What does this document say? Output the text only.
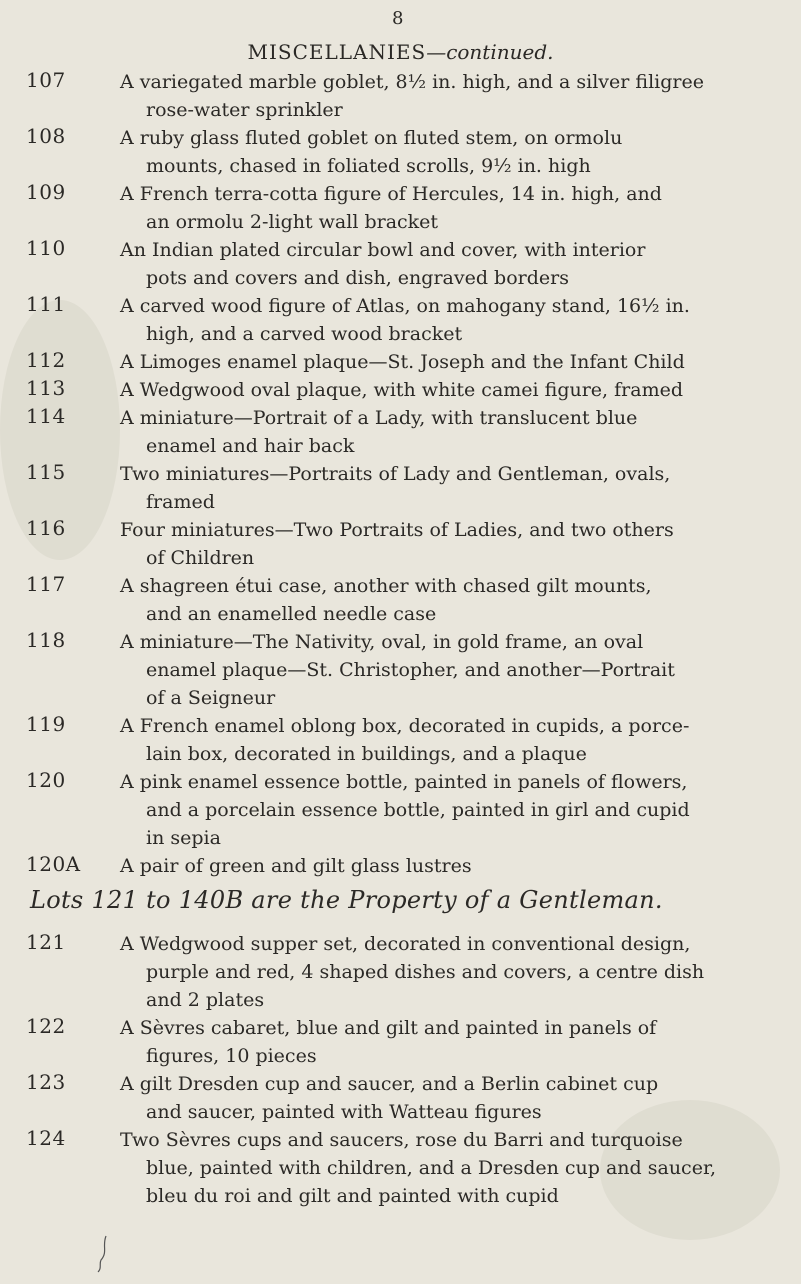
8
MISCELLANIES—continued.
107	A variegated marble goblet, 8½ in. high, and a silver filigree
rose-water sprinkler
108	A ruby glass fluted goblet on fluted stem, on ormolu
mounts, chased in foliated scrolls, 9½ in. high
109	A French terra-cotta figure of Hercules, 14 in. high, and
an ormolu 2-light wall bracket
110	An Indian plated circular bowl and cover, with interior
pots and covers and dish, engraved borders
111	A carved wood figure of Atlas, on mahogany stand, 16½ in.
high, and a carved wood bracket
112	A Limoges enamel plaque—St. Joseph and the Infant Child
113	A Wedgwood oval plaque, with white camei figure, framed
114	A miniature—Portrait of a Lady, with translucent blue
enamel and hair back
115	Two miniatures—Portraits of Lady and Gentleman, ovals,
framed
116	Four miniatures—Two Portraits of Ladies, and two others
of Children
117	A shagreen étui case, another with chased gilt mounts,
and an enamelled needle case
118	A miniature—The Nativity, oval, in gold frame, an oval
enamel plaque—St. Christopher, and another—Portrait
of a Seigneur
119	A French enamel oblong box, decorated in cupids, a porce-
lain box, decorated in buildings, and a plaque
120	A pink enamel essence bottle, painted in panels of flowers,
and a porcelain essence bottle, painted in girl and cupid
in sepia
120A	A pair of green and gilt glass lustres
Lots 121 to 140B are the Property of a Gentleman.
121	A Wedgwood supper set, decorated in conventional design,
purple and red, 4 shaped dishes and covers, a centre dish
and 2 plates
122	A Sèvres cabaret, blue and gilt and painted in panels of
figures, 10 pieces
123	A gilt Dresden cup and saucer, and a Berlin cabinet cup
and saucer, painted with Watteau figures
124	Two Sèvres cups and saucers, rose du Barri and turquoise
blue, painted with children, and a Dresden cup and saucer,
bleu du roi and gilt and painted with cupid
